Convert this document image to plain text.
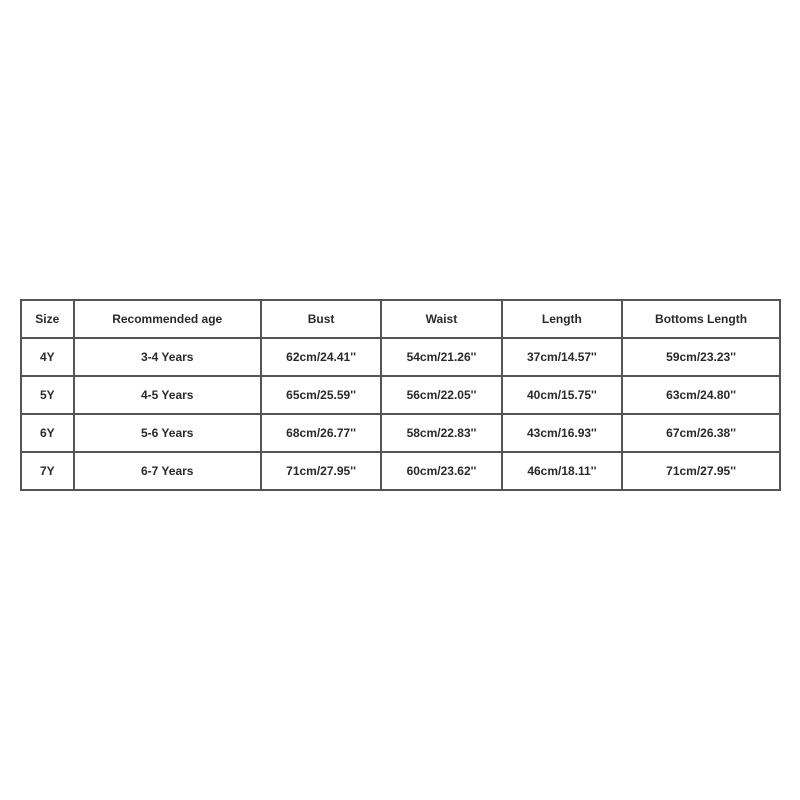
Size	Recommended age	Bust	Waist	Length	Bottoms Length
4Y	3-4 Years	62cm/24.41''	54cm/21.26''	37cm/14.57''	59cm/23.23''
5Y	4-5 Years	65cm/25.59''	56cm/22.05''	40cm/15.75''	63cm/24.80''
6Y	5-6 Years	68cm/26.77''	58cm/22.83''	43cm/16.93''	67cm/26.38''
7Y	6-7 Years	71cm/27.95''	60cm/23.62''	46cm/18.11''	71cm/27.95''
